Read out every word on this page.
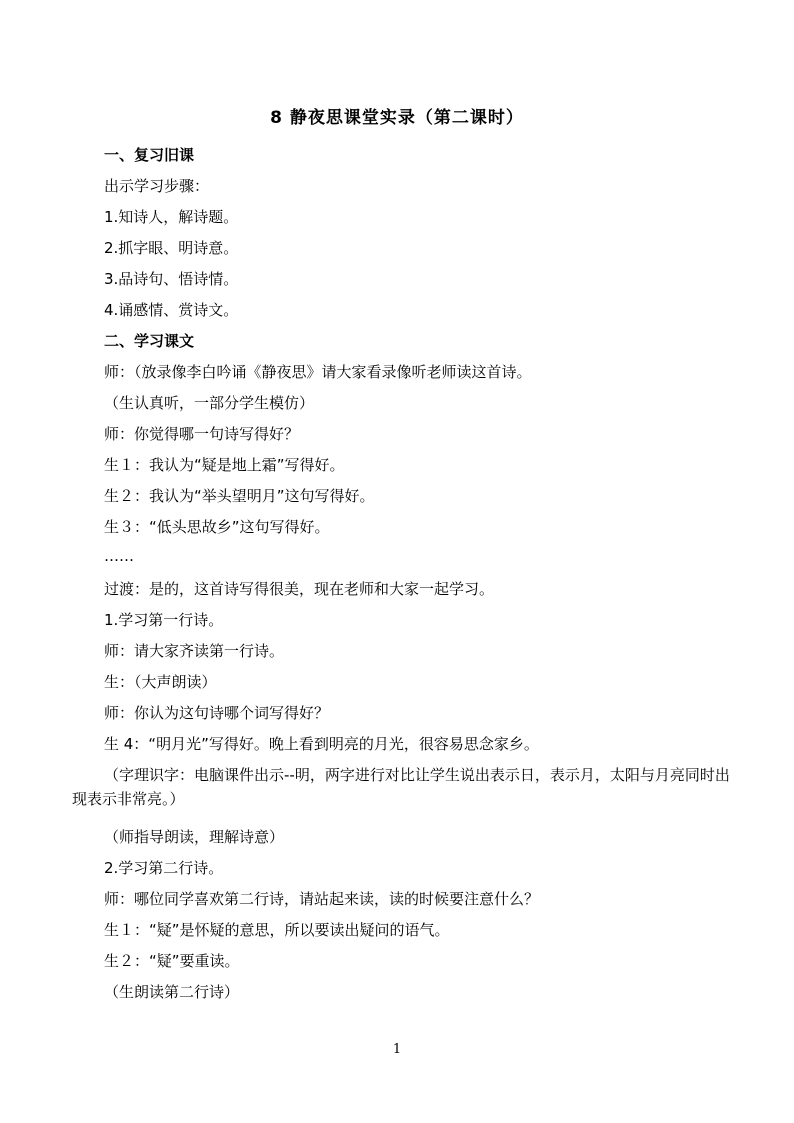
8 静夜思课堂实录（第二课时）
一、复习旧课
出示学习步骤：
1.知诗人，解诗题。
2.抓字眼、明诗意。
3.品诗句、悟诗情。
4.诵感情、赏诗文。
二、学习课文
师：（放录像李白吟诵《静夜思》请大家看录像听老师读这首诗。
（生认真听，一部分学生模仿）
师：你觉得哪一句诗写得好？
生１：我认为“疑是地上霜”写得好。
生２：我认为“举头望明月”这句写得好。
生３：“低头思故乡”这句写得好。
……
过渡：是的，这首诗写得很美，现在老师和大家一起学习。
1.学习第一行诗。
师：请大家齐读第一行诗。
生：（大声朗读）
师：你认为这句诗哪个词写得好？
生 4：“明月光”写得好。晚上看到明亮的月光，很容易思念家乡。
（字理识字：电脑课件出示--明，两字进行对比让学生说出表示日，表示月，太阳与月亮同时出现表示非常亮。）
（师指导朗读，理解诗意）
2.学习第二行诗。
师：哪位同学喜欢第二行诗，请站起来读，读的时候要注意什么？
生１：“疑”是怀疑的意思，所以要读出疑问的语气。
生２：“疑”要重读。
（生朗读第二行诗）
1
